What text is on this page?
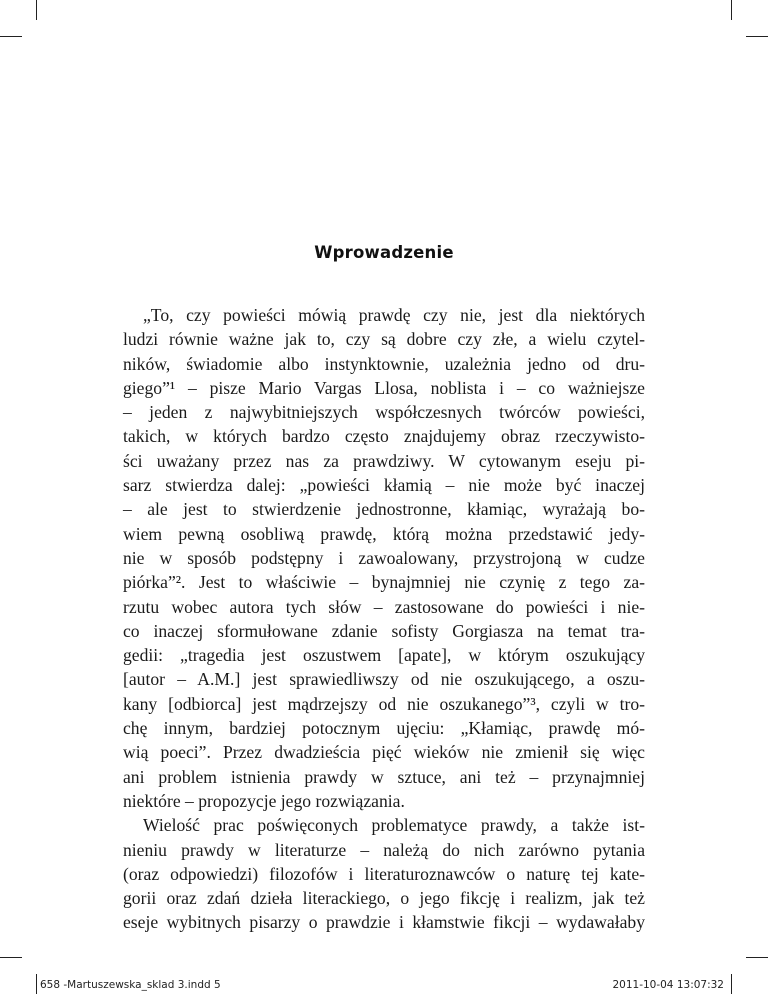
Wprowadzenie
„To, czy powieści mówią prawdę czy nie, jest dla niektórych
ludzi równie ważne jak to, czy są dobre czy złe, a wielu czytel-
ników, świadomie albo instynktownie, uzależnia jedno od dru-
giego”¹ – pisze Mario Vargas Llosa, noblista i – co ważniejsze
– jeden z najwybitniejszych współczesnych twórców powieści,
takich, w których bardzo często znajdujemy obraz rzeczywisto-
ści uważany przez nas za prawdziwy. W cytowanym eseju pi-
sarz stwierdza dalej: „powieści kłamią – nie może być inaczej
– ale jest to stwierdzenie jednostronne, kłamiąc, wyrażają bo-
wiem pewną osobliwą prawdę, którą można przedstawić jedy-
nie w sposób podstępny i zawoalowany, przystrojoną w cudze
piórka”². Jest to właściwie – bynajmniej nie czynię z tego za-
rzutu wobec autora tych słów – zastosowane do powieści i nie-
co inaczej sformułowane zdanie sofisty Gorgiasza na temat tra-
gedii: „tragedia jest oszustwem [apate], w którym oszukujący
[autor – A.M.] jest sprawiedliwszy od nie oszukującego, a oszu-
kany [odbiorca] jest mądrzejszy od nie oszukanego”³, czyli w tro-
chę innym, bardziej potocznym ujęciu: „Kłamiąc, prawdę mó-
wią poeci”. Przez dwadzieścia pięć wieków nie zmienił się więc
ani problem istnienia prawdy w sztuce, ani też – przynajmniej
niektóre – propozycje jego rozwiązania.
Wielość prac poświęconych problematyce prawdy, a także ist-
nieniu prawdy w literaturze – należą do nich zarówno pytania
(oraz odpowiedzi) filozofów i literaturoznawców o naturę tej kate-
gorii oraz zdań dzieła literackiego, o jego fikcję i realizm, jak też
eseje wybitnych pisarzy o prawdzie i kłamstwie fikcji – wydawałaby
658 -Martuszewska_sklad 3.indd 5	2011-10-04 13:07:32
